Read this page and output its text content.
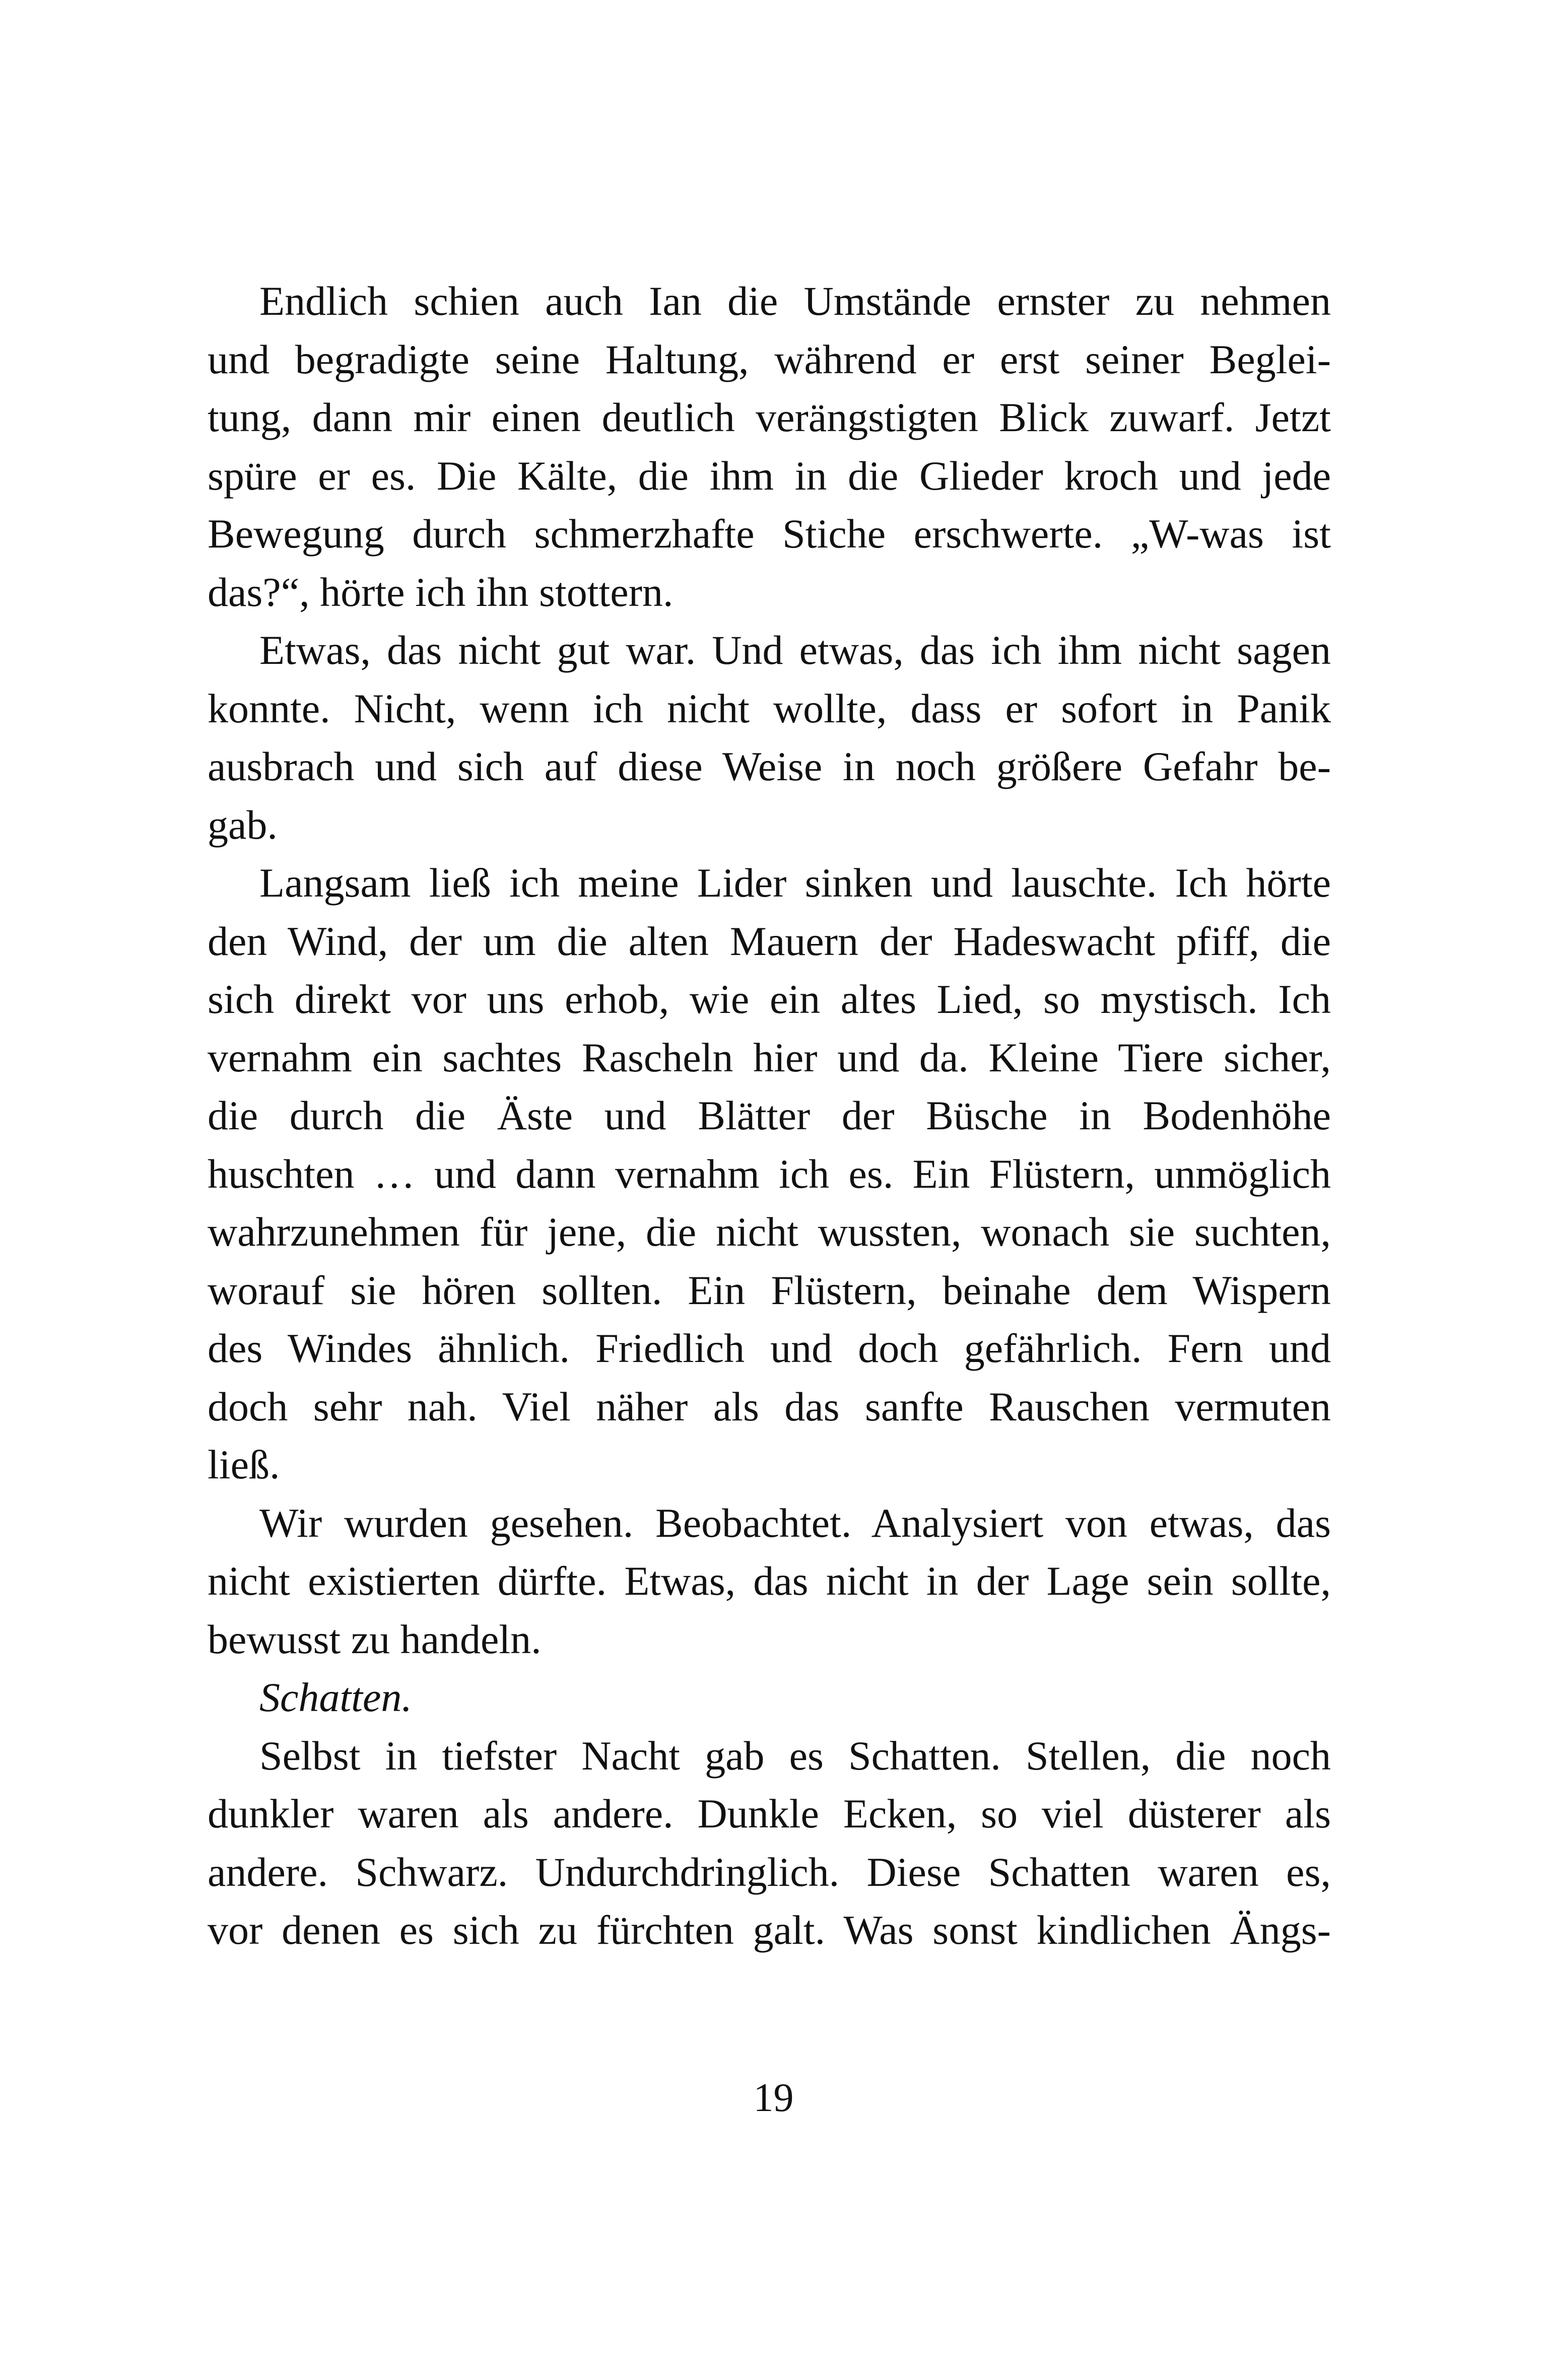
Endlich schien auch Ian die Umstände ernster zu nehmen
und begradigte seine Haltung, während er erst seiner Beglei-
tung, dann mir einen deutlich verängstigten Blick zuwarf. Jetzt
spüre er es. Die Kälte, die ihm in die Glieder kroch und jede
Bewegung durch schmerzhafte Stiche erschwerte. „W-was ist
das?“, hörte ich ihn stottern.
Etwas, das nicht gut war. Und etwas, das ich ihm nicht sagen
konnte. Nicht, wenn ich nicht wollte, dass er sofort in Panik
ausbrach und sich auf diese Weise in noch größere Gefahr be-
gab.
Langsam ließ ich meine Lider sinken und lauschte. Ich hörte
den Wind, der um die alten Mauern der Hadeswacht pfiff, die
sich direkt vor uns erhob, wie ein altes Lied, so mystisch. Ich
vernahm ein sachtes Rascheln hier und da. Kleine Tiere sicher,
die durch die Äste und Blätter der Büsche in Bodenhöhe
huschten … und dann vernahm ich es. Ein Flüstern, unmöglich
wahrzunehmen für jene, die nicht wussten, wonach sie suchten,
worauf sie hören sollten. Ein Flüstern, beinahe dem Wispern
des Windes ähnlich. Friedlich und doch gefährlich. Fern und
doch sehr nah. Viel näher als das sanfte Rauschen vermuten
ließ.
Wir wurden gesehen. Beobachtet. Analysiert von etwas, das
nicht existierten dürfte. Etwas, das nicht in der Lage sein sollte,
bewusst zu handeln.
Schatten.
Selbst in tiefster Nacht gab es Schatten. Stellen, die noch
dunkler waren als andere. Dunkle Ecken, so viel düsterer als
andere. Schwarz. Undurchdringlich. Diese Schatten waren es,
vor denen es sich zu fürchten galt. Was sonst kindlichen Ängs-
19
